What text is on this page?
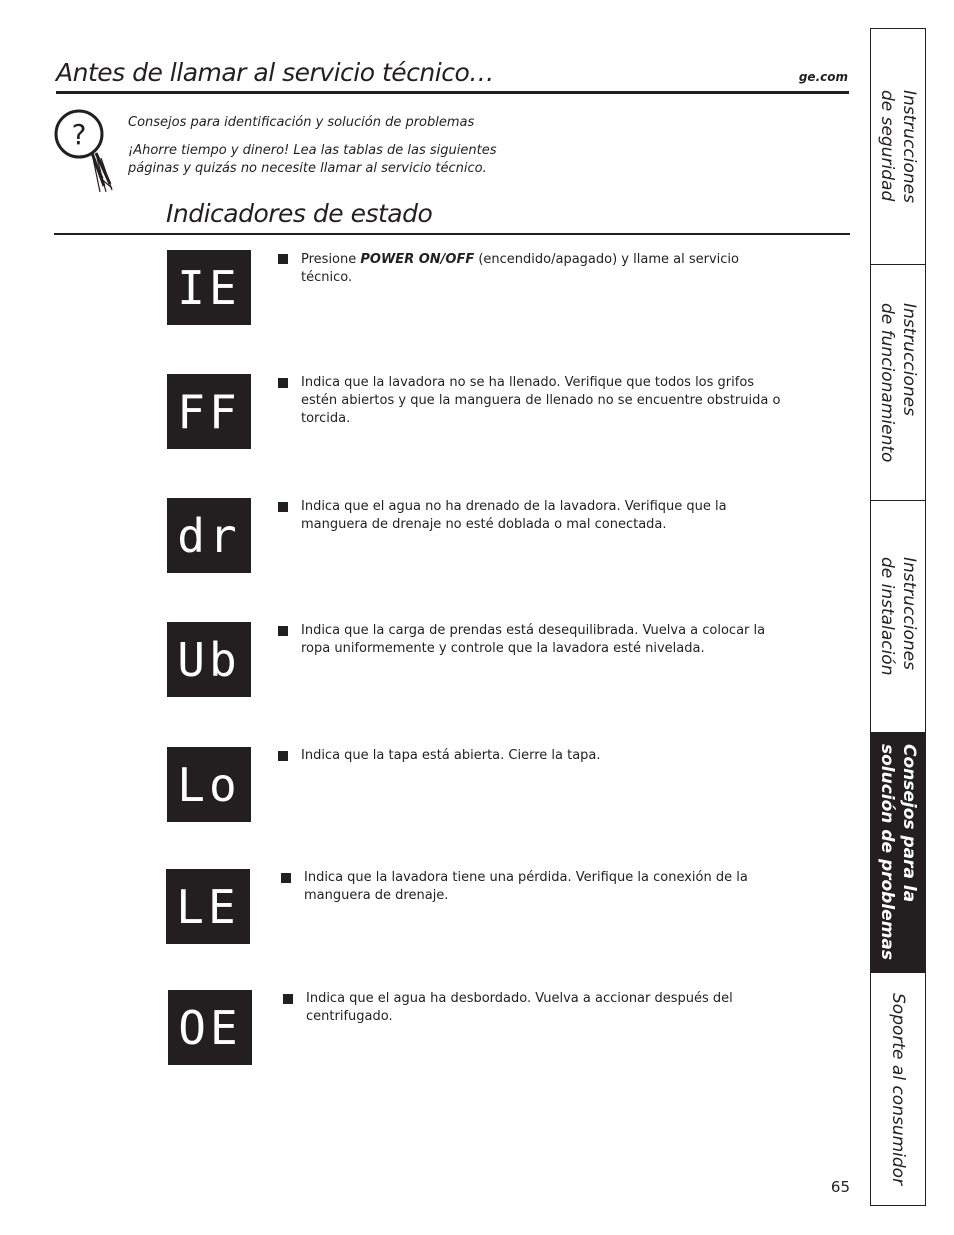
Antes de llamar al servicio técnico…	ge.com
?	Consejos para identificación y solución de problemas

¡Ahorre tiempo y dinero! Lea las tablas de las siguientes
páginas y quizás no necesite llamar al servicio técnico.

Indicadores de estado
IE
Presione POWER ON/OFF (encendido/apagado) y llame al servicio técnico.
FF
Indica que la lavadora no se ha llenado. Verifique que todos los grifos estén abiertos y que la manguera de llenado no se encuentre obstruida o torcida.
dr
Indica que el agua no ha drenado de la lavadora. Verifique que la manguera de drenaje no esté doblada o mal conectada.
Ub
Indica que la carga de prendas está desequilibrada. Vuelva a colocar la ropa uniformemente y controle que la lavadora esté nivelada.
Lo
Indica que la tapa está abierta. Cierre la tapa.
LE
Indica que la lavadora tiene una pérdida. Verifique la conexión de la manguera de drenaje.
OE
Indica que el agua ha desbordado. Vuelva a accionar después del centrifugado.
Instrucciones
de seguridad
Instrucciones
de funcionamiento
Instrucciones
de instalación
Consejos para la
solución de problemas
Soporte al consumidor
65
